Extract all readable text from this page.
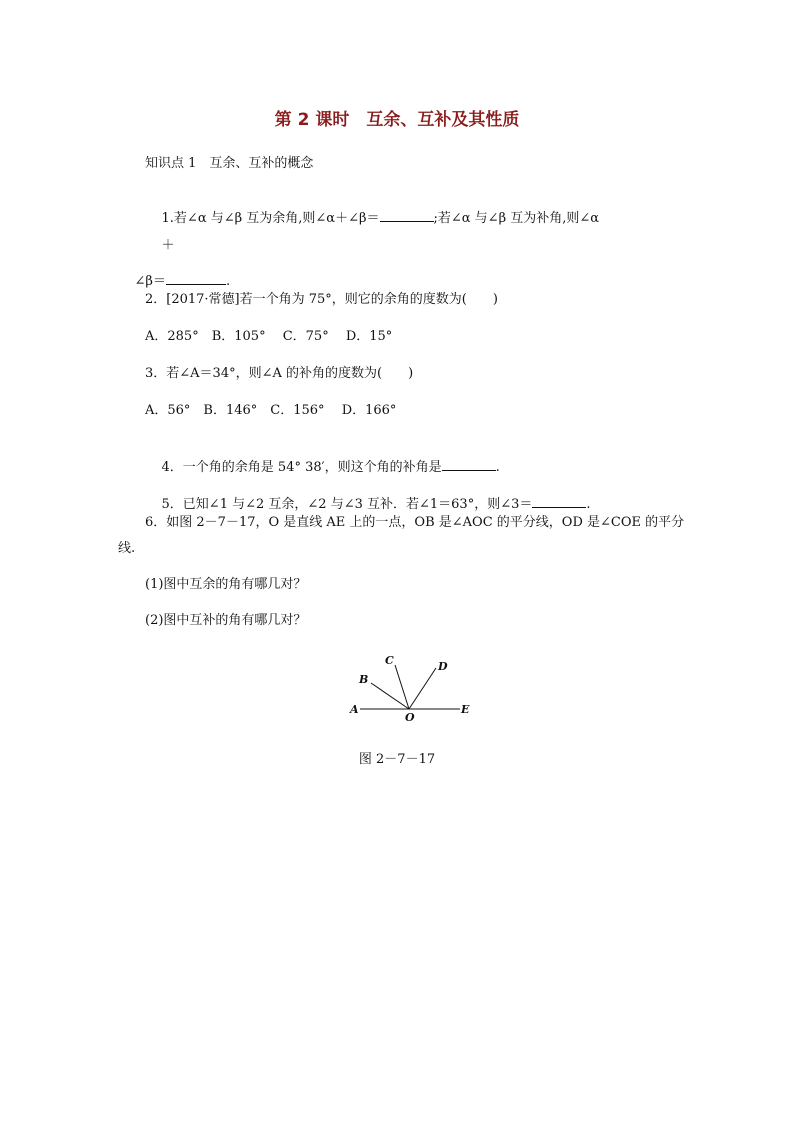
第 2 课时　互余、互补及其性质
知识点 1　互余、互补的概念

1.若∠α 与∠β 互为余角,则∠α＋∠β＝	;若∠α 与∠β 互为补角,则∠α

＋

∠β＝	.

2．[2017·常德]若一个角为 75°，则它的余角的度数为(　　)
A．285°　B．105°　 C．75°　 D．15°
3．若∠A＝34°，则∠A 的补角的度数为(　　)
A．56°　B．146°　C．156°　 D．166°

4．一个角的余角是 54° 38′，则这个角的补角是	.

5．已知∠1 与∠2 互余，∠2 与∠3 互补．若∠1＝63°，则∠3＝	.

6．如图 2－7－17，O 是直线 AE 上的一点，OB 是∠AOC 的平分线，OD 是∠COE 的平分
线.
(1)图中互余的角有哪几对？
(2)图中互补的角有哪几对？
A
B
C	D
E
O
图 2－7－17
